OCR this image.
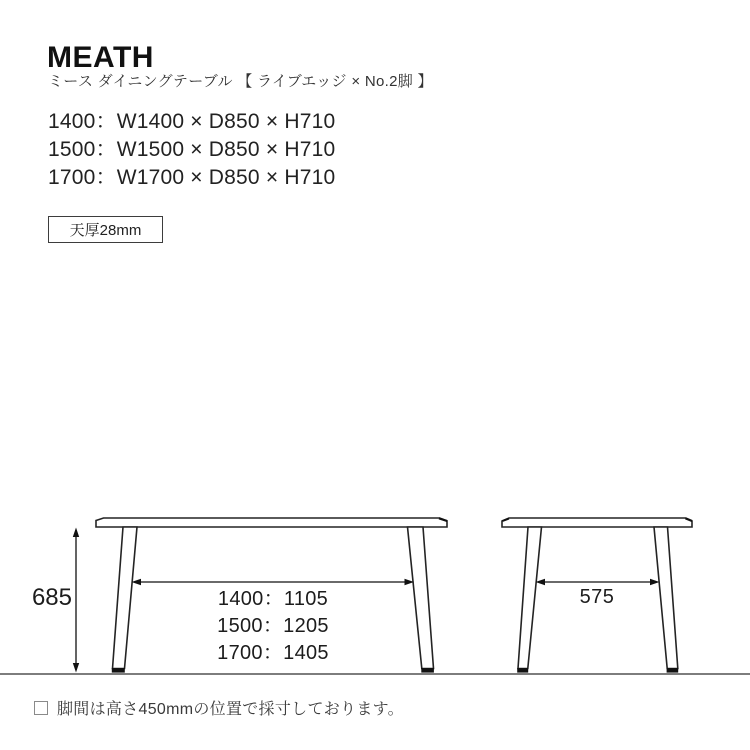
MEATH
ミース ダイニングテーブル 【 ライブエッジ × No.2脚 】
1400：W1400 × D850 × H710
1500：W1500 × D850 × H710
1700：W1700 × D850 × H710
天厚28mm
685	1400：1105
1500：1205
1700：1405
575
脚間は高さ450mmの位置で採寸しております。
